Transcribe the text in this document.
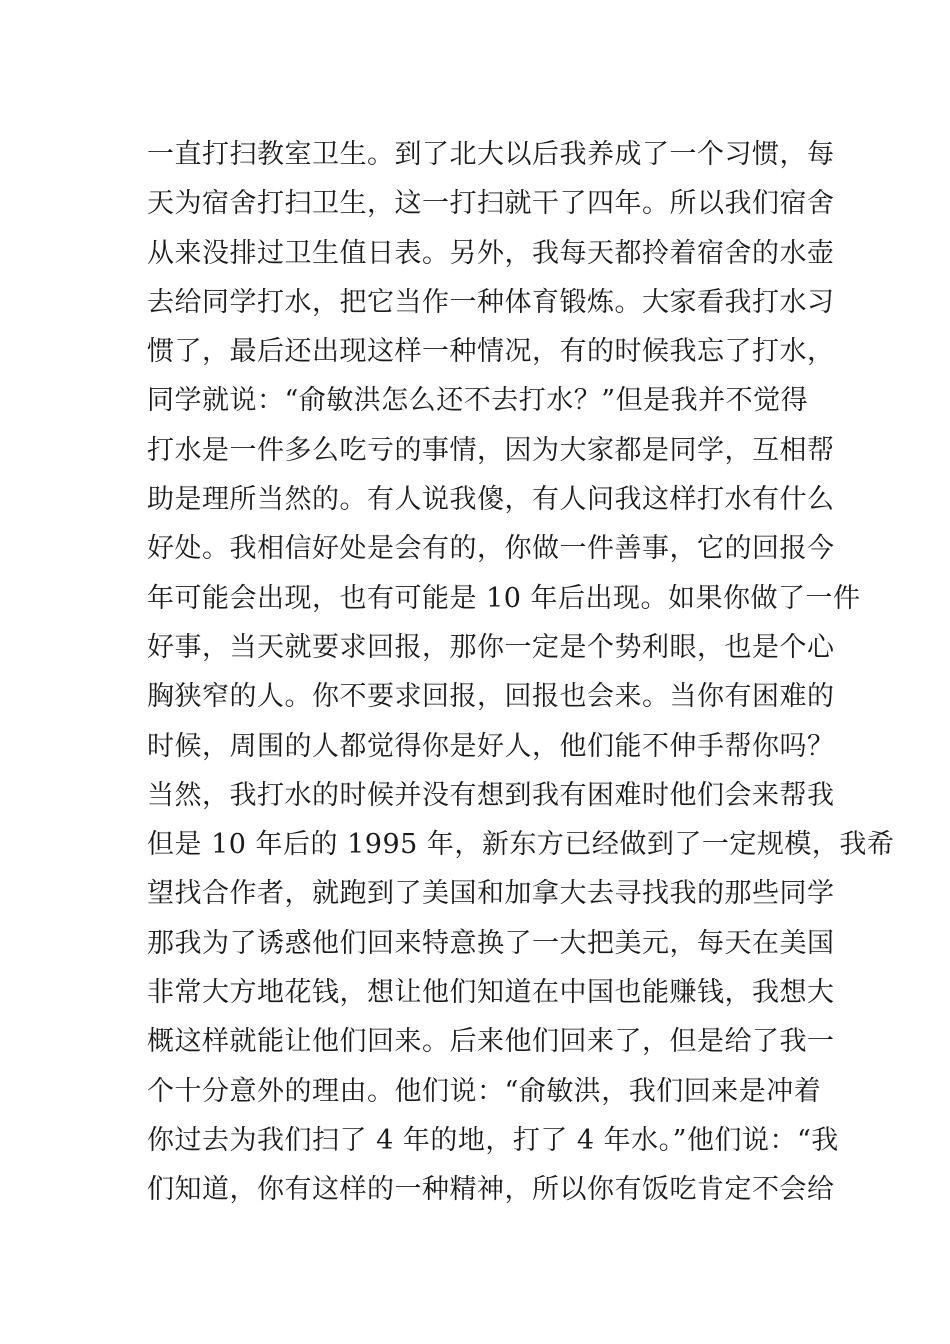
一直打扫教室卫生。到了北大以后我养成了一个习惯，每
天为宿舍打扫卫生，这一打扫就干了四年。所以我们宿舍
从来没排过卫生值日表。另外，我每天都拎着宿舍的水壶
去给同学打水，把它当作一种体育锻炼。大家看我打水习
惯了，最后还出现这样一种情况，有的时候我忘了打水，
同学就说：“俞敏洪怎么还不去打水？”但是我并不觉得
打水是一件多么吃亏的事情，因为大家都是同学，互相帮
助是理所当然的。有人说我傻，有人问我这样打水有什么
好处。我相信好处是会有的，你做一件善事，它的回报今
年可能会出现，也有可能是 10 年后出现。如果你做了一件
好事，当天就要求回报，那你一定是个势利眼，也是个心
胸狭窄的人。你不要求回报，回报也会来。当你有困难的
时候，周围的人都觉得你是好人，他们能不伸手帮你吗？
当然，我打水的时候并没有想到我有困难时他们会来帮我
但是 10 年后的 1995 年，新东方已经做到了一定规模，我希
望找合作者，就跑到了美国和加拿大去寻找我的那些同学
那我为了诱惑他们回来特意换了一大把美元，每天在美国
非常大方地花钱，想让他们知道在中国也能赚钱，我想大
概这样就能让他们回来。后来他们回来了，但是给了我一
个十分意外的理由。他们说：“俞敏洪，我们回来是冲着
你过去为我们扫了 4 年的地，打了 4 年水。”他们说：“我
们知道，你有这样的一种精神，所以你有饭吃肯定不会给
